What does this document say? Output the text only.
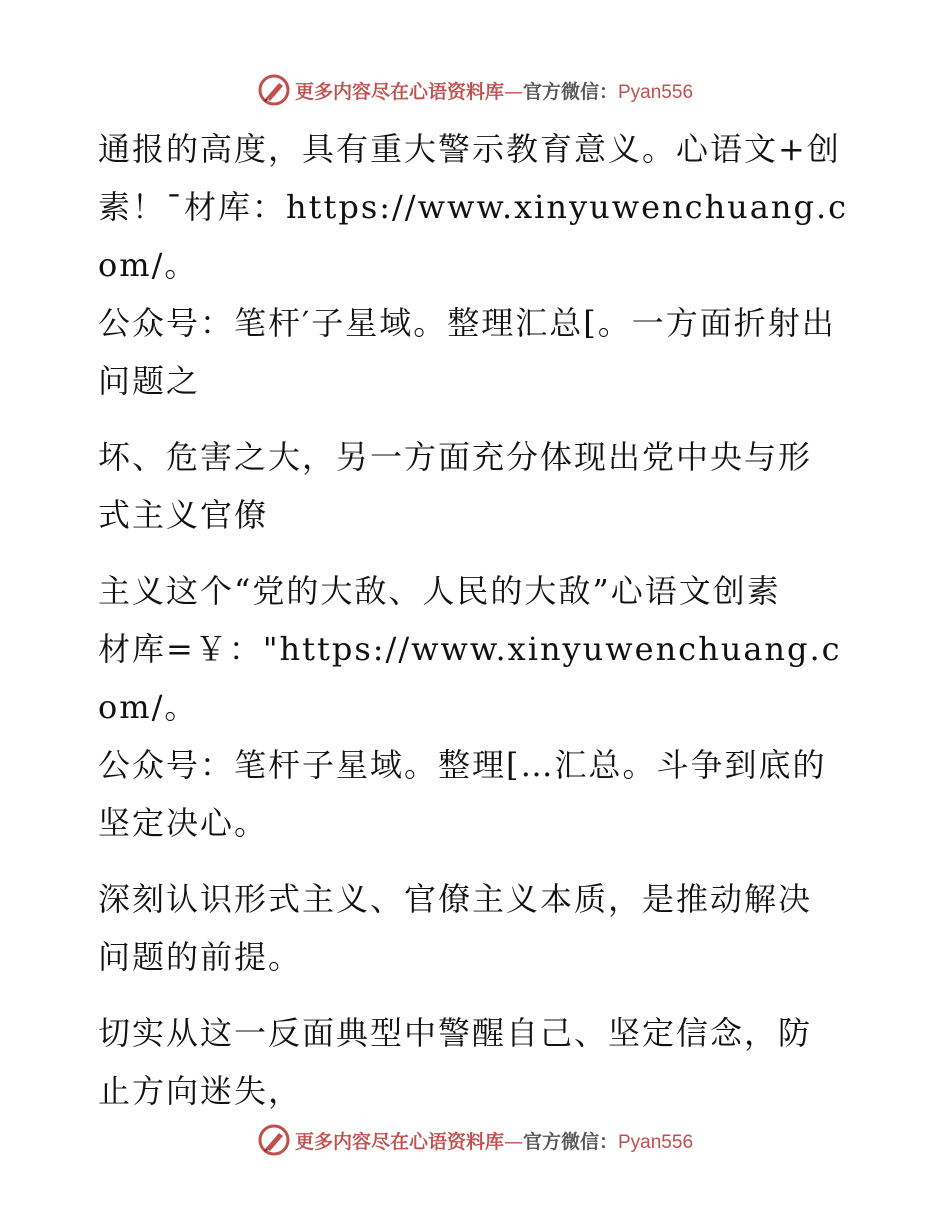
更多内容尽在心语资料库—官方微信：Pyan556

通报的高度，具有重大警示教育意义。心语文+创
素！¯材库：https://www.xinyuwenchuang.com/。
公众号：笔杆′子星域。整理汇总[。一方面折射出
问题之

坏、危害之大，另一方面充分体现出党中央与形
式主义官僚

主义这个“党的大敌、人民的大敌”心语文创素
材库=￥："https://www.xinyuwenchuang.com/。
公众号：笔杆子星域。整理[…汇总。斗争到底的
坚定决心。

深刻认识形式主义、官僚主义本质，是推动解决
问题的前提。

切实从这一反面典型中警醒自己、坚定信念，防
止方向迷失，

更多内容尽在心语资料库—官方微信：Pyan556
